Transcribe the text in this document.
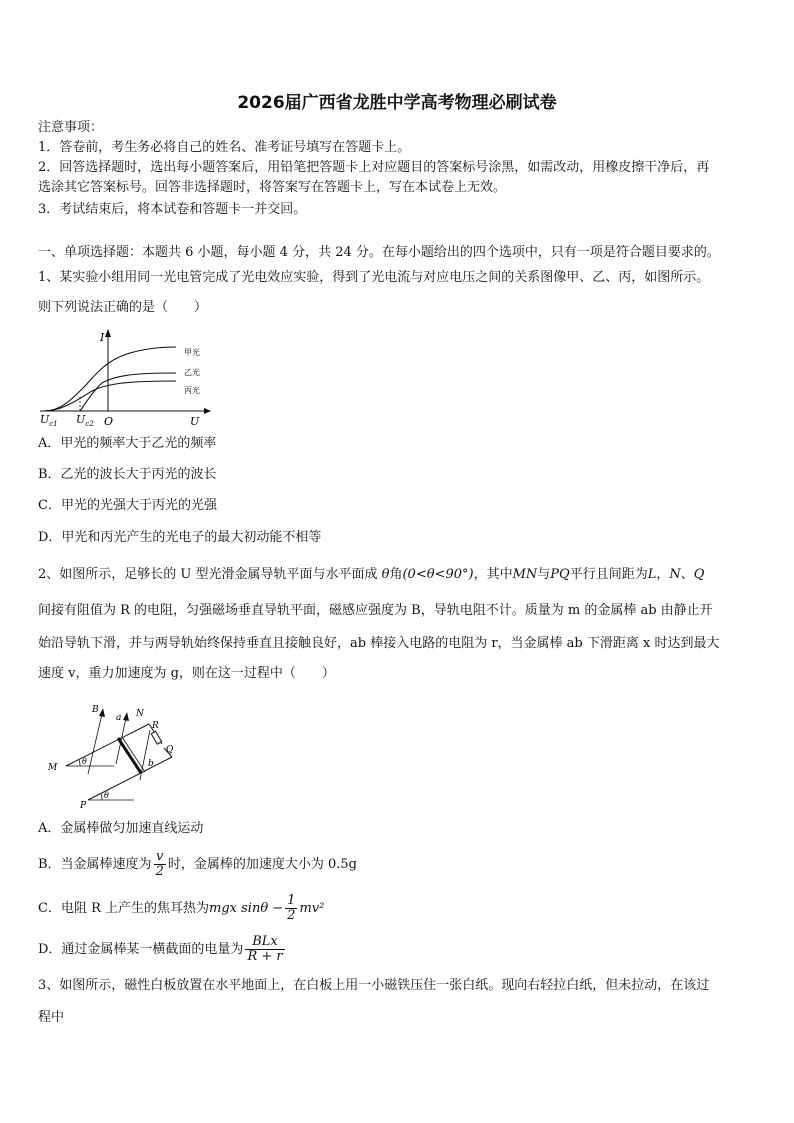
2026届广西省龙胜中学高考物理必刷试卷
注意事项：
1．答卷前，考生务必将自己的姓名、准考证号填写在答题卡上。
2．回答选择题时，选出每小题答案后，用铅笔把答题卡上对应题目的答案标号涂黑，如需改动，用橡皮擦干净后，再
选涂其它答案标号。回答非选择题时，将答案写在答题卡上，写在本试卷上无效。
3．考试结束后，将本试卷和答题卡一并交回。
一、单项选择题：本题共 6 小题，每小题 4 分，共 24 分。在每小题给出的四个选项中，只有一项是符合题目要求的。
1、某实验小组用同一光电管完成了光电效应实验，得到了光电流与对应电压之间的关系图像甲、乙、丙，如图所示。
则下列说法正确的是（　　）
I
U
O
$U_{c1}$ $U_{c2}$
甲光
乙光
丙光
A．甲光的频率大于乙光的频率
B．乙光的波长大于丙光的波长
C．甲光的光强大于丙光的光强
D．甲光和丙光产生的光电子的最大初动能不相等
2、如图所示，足够长的 U 型光滑金属导轨平面与水平面成 θ角(0<θ<90°)，其中MN与PQ平行且间距为L，N、Q
间接有阻值为 R 的电阻，匀强磁场垂直导轨平面，磁感应强度为 B，导轨电阻不计。质量为 m 的金属棒 ab 由静止开
始沿导轨下滑，并与两导轨始终保持垂直且接触良好，ab 棒接入电路的电阻为 r，当金属棒 ab 下滑距离 x 时达到最大
速度 v，重力加速度为 g，则在这一过程中（　　）
B
a N
R
Q
M	b
P
θ
θ
A．金属棒做匀加速直线运动
B．当金属棒速度为 $\frac{v}{2}$ 时，金属棒的加速度大小为 0.5g
C．电阻 R 上产生的焦耳热为mgx $\sin\theta - \frac{1}{2} mv^2$
D．通过金属棒某一横截面的电量为 $\frac{\text{BLx}}{R + r}$
3、如图所示，磁性白板放置在水平地面上，在白板上用一小磁铁压住一张白纸。现向右轻拉白纸，但未拉动，在该过
程中
